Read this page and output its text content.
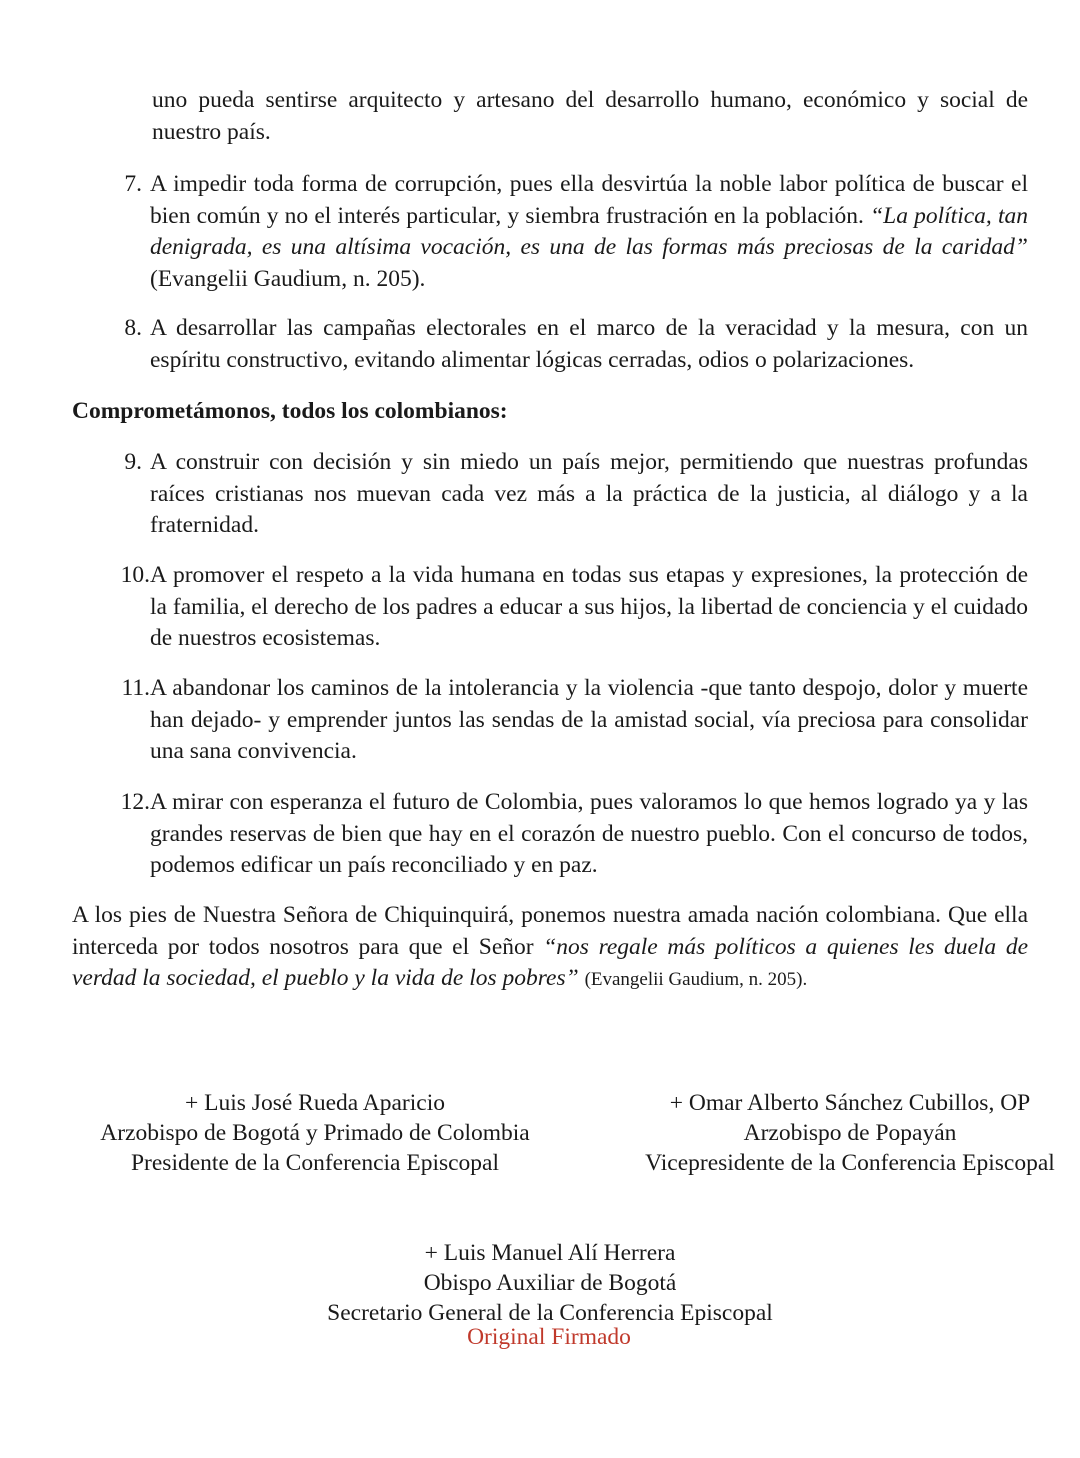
uno pueda sentirse arquitecto y artesano del desarrollo humano, económico y social de nuestro país.

7. A impedir toda forma de corrupción, pues ella desvirtúa la noble labor política de buscar el bien común y no el interés particular, y siembra frustración en la población. “La política, tan denigrada, es una altísima vocación, es una de las formas más preciosas de la caridad” (Evangelii Gaudium, n. 205).

8. A desarrollar las campañas electorales en el marco de la veracidad y la mesura, con un espíritu constructivo, evitando alimentar lógicas cerradas, odios o polarizaciones.

Comprometámonos, todos los colombianos:
9. A construir con decisión y sin miedo un país mejor, permitiendo que nuestras profundas raíces cristianas nos muevan cada vez más a la práctica de la justicia, al diálogo y a la fraternidad.

10. A promover el respeto a la vida humana en todas sus etapas y expresiones, la protección de la familia, el derecho de los padres a educar a sus hijos, la libertad de conciencia y el cuidado de nuestros ecosistemas.

11. A abandonar los caminos de la intolerancia y la violencia -que tanto despojo, dolor y muerte han dejado- y emprender juntos las sendas de la amistad social, vía preciosa para consolidar una sana convivencia.

12. A mirar con esperanza el futuro de Colombia, pues valoramos lo que hemos logrado ya y las grandes reservas de bien que hay en el corazón de nuestro pueblo. Con el concurso de todos, podemos edificar un país reconciliado y en paz.

A los pies de Nuestra Señora de Chiquinquirá, ponemos nuestra amada nación colombiana. Que ella interceda por todos nosotros para que el Señor “nos regale más políticos a quienes les duela de verdad la sociedad, el pueblo y la vida de los pobres” (Evangelii Gaudium, n. 205).

+ Luis José Rueda Aparicio
Arzobispo de Bogotá y Primado de Colombia
Presidente de la Conferencia Episcopal
+ Omar Alberto Sánchez Cubillos, OP
Arzobispo de Popayán
Vicepresidente de la Conferencia Episcopal
+ Luis Manuel Alí Herrera
Obispo Auxiliar de Bogotá
Secretario General de la Conferencia Episcopal
Original Firmado
